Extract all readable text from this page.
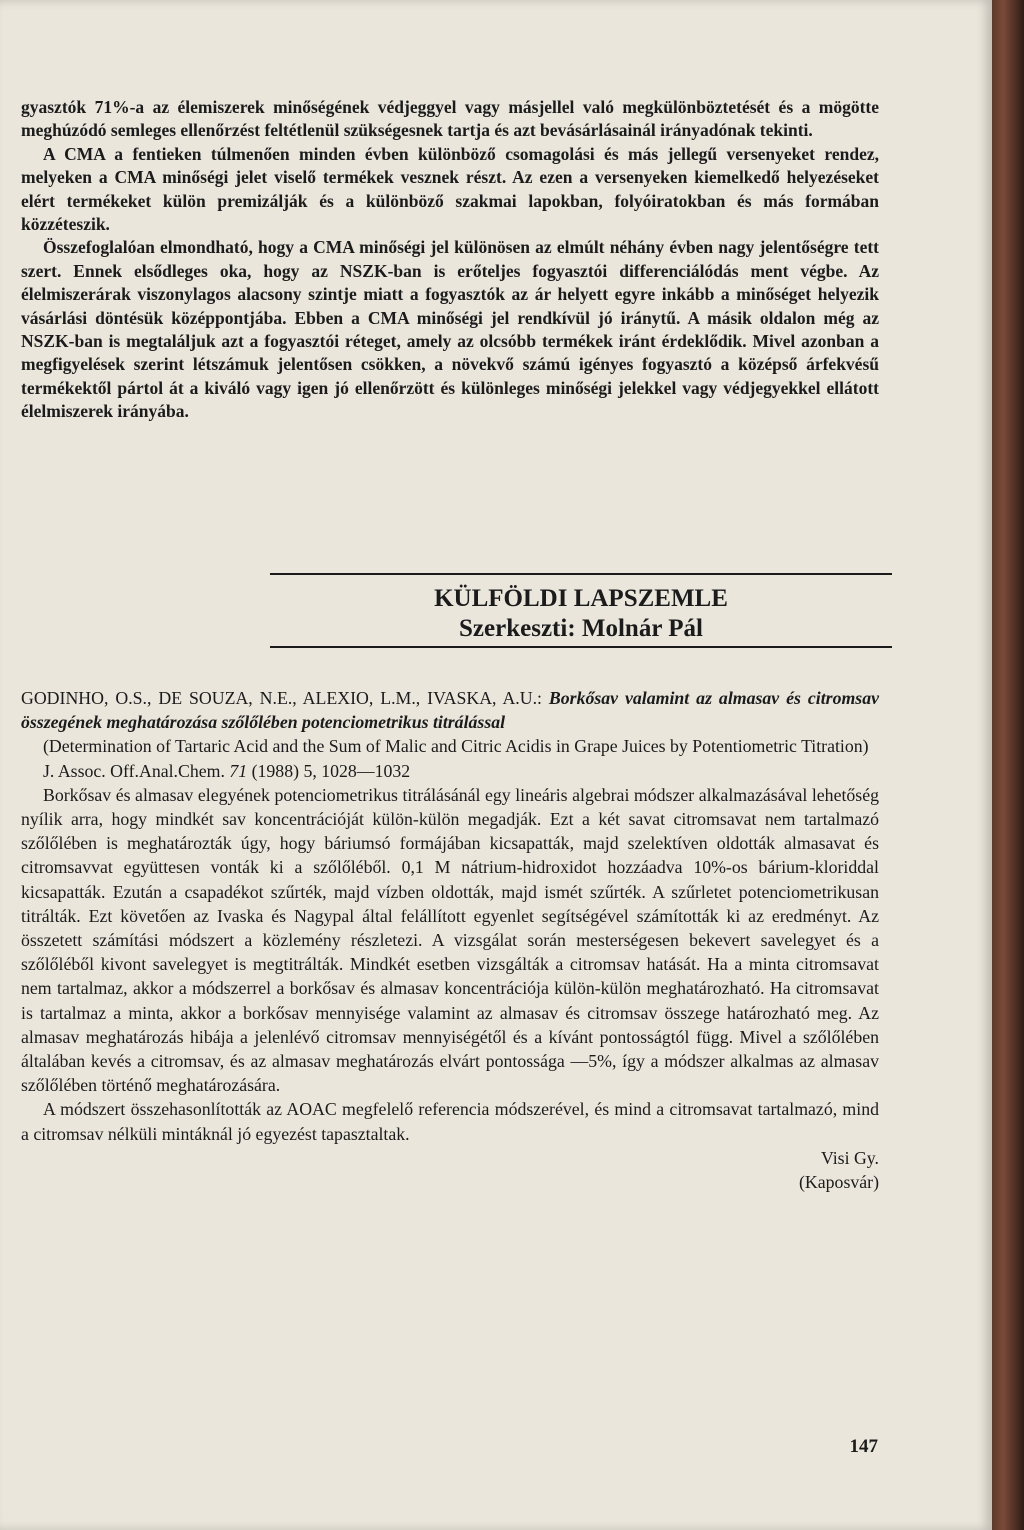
gyasztók 71%-a az élemiszerek minőségének védjeggyel vagy másjellel való megkülönböztetését és a mögötte meghúzódó semleges ellenőrzést feltétlenül szükségesnek tartja és azt bevásárlásainál irányadónak tekinti.

A CMA a fentieken túlmenően minden évben különböző csomagolási és más jellegű versenyeket rendez, melyeken a CMA minőségi jelet viselő termékek vesznek részt. Az ezen a versenyeken kiemelkedő helyezéseket elért termékeket külön premizálják és a különböző szakmai lapokban, folyóiratokban és más formában közzéteszik.

Összefoglalóan elmondható, hogy a CMA minőségi jel különösen az elmúlt néhány évben nagy jelentőségre tett szert. Ennek elsődleges oka, hogy az NSZK-ban is erőteljes fogyasztói differenciálódás ment végbe. Az élelmiszerárak viszonylagos alacsony szintje miatt a fogyasztók az ár helyett egyre inkább a minőséget helyezik vásárlási döntésük középpontjába. Ebben a CMA minőségi jel rendkívül jó iránytű. A másik oldalon még az NSZK-ban is megtaláljuk azt a fogyasztói réteget, amely az olcsóbb termékek iránt érdeklődik. Mivel azonban a megfigyelések szerint létszámuk jelentősen csökken, a növekvő számú igényes fogyasztó a középső árfekvésű termékektől pártol át a kiváló vagy igen jó ellenőrzött és különleges minőségi jelekkel vagy védjegyekkel ellátott élelmiszerek irányába.

KÜLFÖLDI LAPSZEMLE
Szerkeszti: Molnár Pál

GODINHO, O.S., DE SOUZA, N.E., ALEXIO, L.M., IVASKA, A.U.: Borkősav valamint az almasav és citromsav összegének meghatározása szőlőlében potenciometrikus titrálással

(Determination of Tartaric Acid and the Sum of Malic and Citric Acidis in Grape Juices by Potentiometric Titration)

J. Assoc. Off.Anal.Chem. 71 (1988) 5, 1028—1032

Borkősav és almasav elegyének potenciometrikus titrálásánál egy lineáris algebrai módszer alkalmazásával lehetőség nyílik arra, hogy mindkét sav koncentrációját külön-külön megadják. Ezt a két savat citromsavat nem tartalmazó szőlőlében is meghatározták úgy, hogy báriumsó formájában kicsapatták, majd szelektíven oldották almasavat és citromsavvat együttesen vonták ki a szőlőléből. 0,1 M nátrium-hidroxidot hozzáadva 10%-os bárium-kloriddal kicsapatták. Ezután a csapadékot szűrték, majd vízben oldották, majd ismét szűrték. A szűrletet potenciometrikusan titrálták. Ezt követően az Ivaska és Nagypal által felállított egyenlet segítségével számították ki az eredményt. Az összetett számítási módszert a közlemény részletezi. A vizsgálat során mesterségesen bekevert savelegyet és a szőlőléből kivont savelegyet is megtitrálták. Mindkét esetben vizsgálták a citromsav hatását. Ha a minta citromsavat nem tartalmaz, akkor a módszerrel a borkősav és almasav koncentrációja külön-külön meghatározható. Ha citromsavat is tartalmaz a minta, akkor a borkősav mennyisége valamint az almasav és citromsav összege határozható meg. Az almasav meghatározás hibája a jelenlévő citromsav mennyiségétől és a kívánt pontosságtól függ. Mivel a szőlőlében általában kevés a citromsav, és az almasav meghatározás elvárt pontossága —5%, így a módszer alkalmas az almasav szőlőlében történő meghatározására.

A módszert összehasonlították az AOAC megfelelő referencia módszerével, és mind a citromsavat tartalmazó, mind a citromsav nélküli mintáknál jó egyezést tapasztaltak.

Visi Gy.

(Kaposvár)

147
